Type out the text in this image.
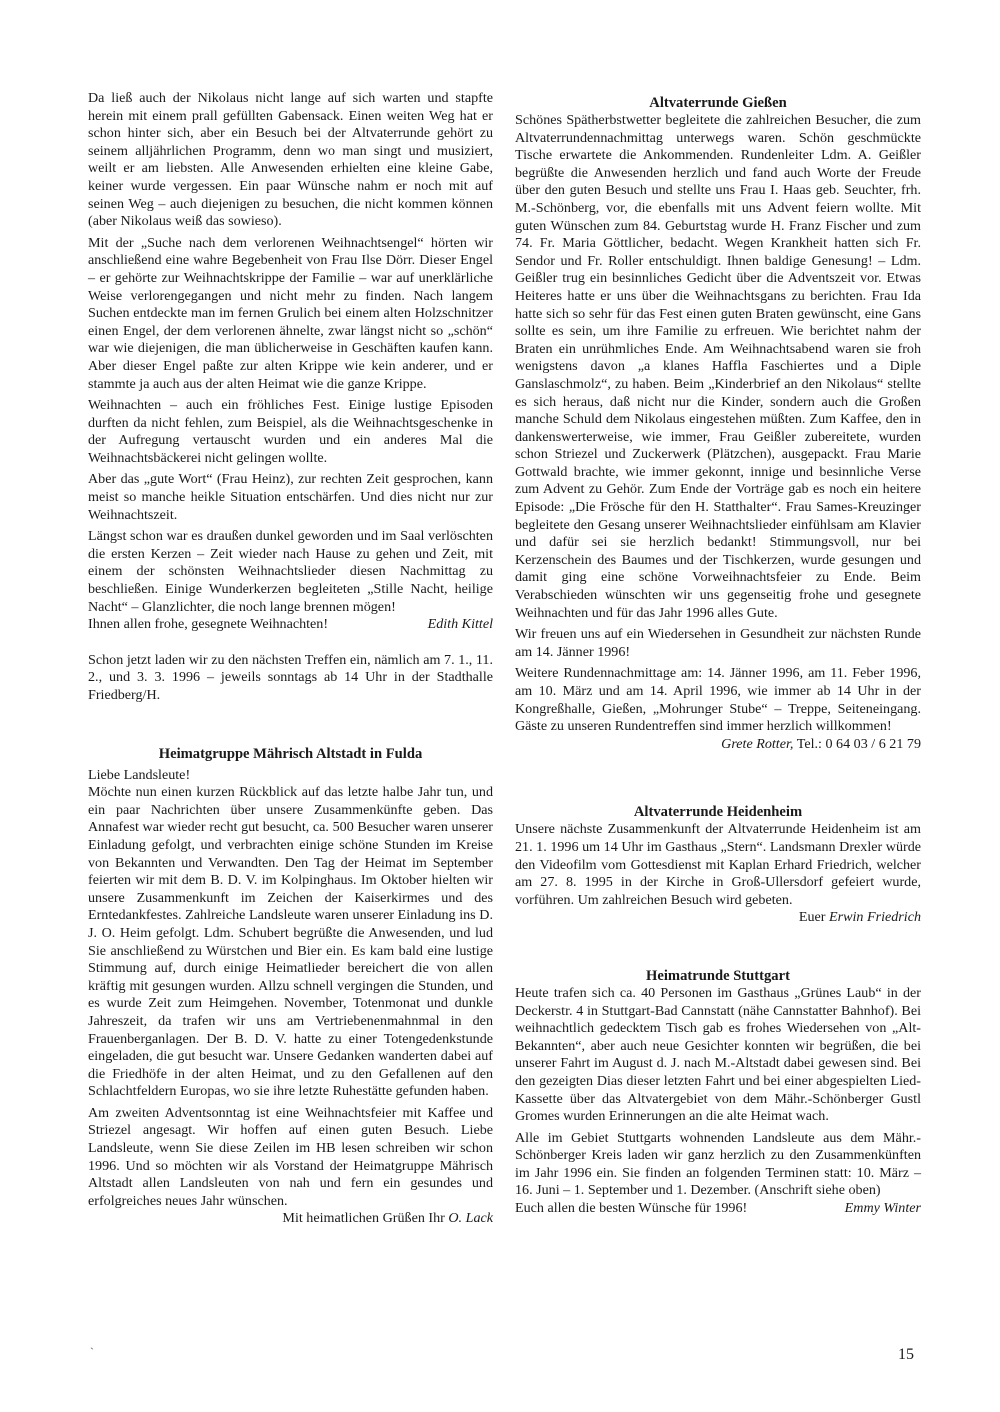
Da ließ auch der Nikolaus nicht lange auf sich warten und stapfte herein mit einem prall gefüllten Gabensack. Einen weiten Weg hat er schon hinter sich, aber ein Besuch bei der Altvaterrunde gehört zu seinem alljährlichen Programm, denn wo man singt und musiziert, weilt er am liebsten. Alle Anwesenden erhielten eine kleine Gabe, keiner wurde vergessen. Ein paar Wünsche nahm er noch mit auf seinen Weg – auch diejenigen zu besuchen, die nicht kommen können (aber Nikolaus weiß das sowieso).

Mit der „Suche nach dem verlorenen Weihnachtsengel“ hörten wir anschließend eine wahre Begebenheit von Frau Ilse Dörr. Dieser Engel – er gehörte zur Weihnachtskrippe der Familie – war auf unerklärliche Weise verlorengegangen und nicht mehr zu finden. Nach langem Suchen entdeckte man im fernen Grulich bei einem alten Holzschnitzer einen Engel, der dem verlorenen ähnelte, zwar längst nicht so „schön“ war wie diejenigen, die man üblicherweise in Geschäften kaufen kann. Aber dieser Engel paßte zur alten Krippe wie kein anderer, und er stammte ja auch aus der alten Heimat wie die ganze Krippe.

Weihnachten – auch ein fröhliches Fest. Einige lustige Episoden durften da nicht fehlen, zum Beispiel, als die Weihnachtsgeschenke in der Aufregung vertauscht wurden und ein anderes Mal die Weihnachtsbäckerei nicht gelingen wollte.

Aber das „gute Wort“ (Frau Heinz), zur rechten Zeit gesprochen, kann meist so manche heikle Situation entschärfen. Und dies nicht nur zur Weihnachtszeit.

Längst schon war es draußen dunkel geworden und im Saal verlöschten die ersten Kerzen – Zeit wieder nach Hause zu gehen und Zeit, mit einem der schönsten Weihnachtslieder diesen Nachmittag zu beschließen. Einige Wunderkerzen begleiteten „Stille Nacht, heilige Nacht“ – Glanzlichter, die noch lange brennen mögen!

Ihnen allen frohe, gesegnete Weihnachten!	Edith Kittel

Schon jetzt laden wir zu den nächsten Treffen ein, nämlich am 7. 1., 11. 2., und 3. 3. 1996 – jeweils sonntags ab 14 Uhr in der Stadthalle Friedberg/H.

Heimatgruppe Mährisch Altstadt in Fulda

Liebe Landsleute!

Möchte nun einen kurzen Rückblick auf das letzte halbe Jahr tun, und ein paar Nachrichten über unsere Zusammenkünfte geben. Das Annafest war wieder recht gut besucht, ca. 500 Besucher waren unserer Einladung gefolgt, und verbrachten einige schöne Stunden im Kreise von Bekannten und Verwandten. Den Tag der Heimat im September feierten wir mit dem B. D. V. im Kolpinghaus. Im Oktober hielten wir unsere Zusammenkunft im Zeichen der Kaiserkirmes und des Erntedankfestes. Zahlreiche Landsleute waren unserer Einladung ins D. J. O. Heim gefolgt. Ldm. Schubert begrüßte die Anwesenden, und lud Sie anschließend zu Würstchen und Bier ein. Es kam bald eine lustige Stimmung auf, durch einige Heimatlieder bereichert die von allen kräftig mit gesungen wurden. Allzu schnell vergingen die Stunden, und es wurde Zeit zum Heimgehen. November, Totenmonat und dunkle Jahreszeit, da trafen wir uns am Vertriebenenmahnmal in den Frauenberganlagen. Der B. D. V. hatte zu einer Totengedenkstunde eingeladen, die gut besucht war. Unsere Gedanken wanderten dabei auf die Friedhöfe in der alten Heimat, und zu den Gefallenen auf den Schlachtfeldern Europas, wo sie ihre letzte Ruhestätte gefunden haben.

Am zweiten Adventsonntag ist eine Weihnachtsfeier mit Kaffee und Striezel angesagt. Wir hoffen auf einen guten Besuch. Liebe Landsleute, wenn Sie diese Zeilen im HB lesen schreiben wir schon 1996. Und so möchten wir als Vorstand der Heimatgruppe Mährisch Altstadt allen Landsleuten von nah und fern ein gesundes und erfolgreiches neues Jahr wünschen.

Mit heimatlichen Grüßen Ihr O. Lack

Altvaterrunde Gießen

Schönes Spätherbstwetter begleitete die zahlreichen Besucher, die zum Altvaterrundennachmittag unterwegs waren. Schön geschmückte Tische erwartete die Ankommenden. Rundenleiter Ldm. A. Geißler begrüßte die Anwesenden herzlich und fand auch Worte der Freude über den guten Besuch und stellte uns Frau I. Haas geb. Seuchter, frh. M.-Schönberg, vor, die ebenfalls mit uns Advent feiern wollte. Mit guten Wünschen zum 84. Geburtstag wurde H. Franz Fischer und zum 74. Fr. Maria Göttlicher, bedacht. Wegen Krankheit hatten sich Fr. Sendor und Fr. Roller entschuldigt. Ihnen baldige Genesung! – Ldm. Geißler trug ein besinnliches Gedicht über die Adventszeit vor. Etwas Heiteres hatte er uns über die Weihnachtsgans zu berichten. Frau Ida hatte sich so sehr für das Fest einen guten Braten gewünscht, eine Gans sollte es sein, um ihre Familie zu erfreuen. Wie berichtet nahm der Braten ein unrühmliches Ende. Am Weihnachtsabend waren sie froh wenigstens davon „a klanes Haffla Faschiertes und a Diple Ganslaschmolz“, zu haben. Beim „Kinderbrief an den Nikolaus“ stellte es sich heraus, daß nicht nur die Kinder, sondern auch die Großen manche Schuld dem Nikolaus eingestehen müßten. Zum Kaffee, den in dankenswerterweise, wie immer, Frau Geißler zubereitete, wurden schon Striezel und Zuckerwerk (Plätzchen), ausgepackt. Frau Marie Gottwald brachte, wie immer gekonnt, innige und besinnliche Verse zum Advent zu Gehör. Zum Ende der Vorträge gab es noch ein heitere Episode: „Die Frösche für den H. Statthalter“. Frau Sames-Kreuzinger begleitete den Gesang unserer Weihnachtslieder einfühlsam am Klavier und dafür sei sie herzlich bedankt! Stimmungsvoll, nur bei Kerzenschein des Baumes und der Tischkerzen, wurde gesungen und damit ging eine schöne Vorweihnachtsfeier zu Ende. Beim Verabschieden wünschten wir uns gegenseitig frohe und gesegnete Weihnachten und für das Jahr 1996 alles Gute.

Wir freuen uns auf ein Wiedersehen in Gesundheit zur nächsten Runde am 14. Jänner 1996!

Weitere Rundennachmittage am: 14. Jänner 1996, am 11. Feber 1996, am 10. März und am 14. April 1996, wie immer ab 14 Uhr in der Kongreßhalle, Gießen, „Mohrunger Stube“ – Treppe, Seiteneingang. Gäste zu unseren Rundentreffen sind immer herzlich willkommen!

Grete Rotter, Tel.: 0 64 03 / 6 21 79
Altvaterrunde Heidenheim

Unsere nächste Zusammenkunft der Altvaterrunde Heidenheim ist am 21. 1. 1996 um 14 Uhr im Gasthaus „Stern“. Landsmann Drexler würde den Videofilm vom Gottesdienst mit Kaplan Erhard Friedrich, welcher am 27. 8. 1995 in der Kirche in Groß-Ullersdorf gefeiert wurde, vorführen. Um zahlreichen Besuch wird gebeten.

Euer Erwin Friedrich

Heimatrunde Stuttgart

Heute trafen sich ca. 40 Personen im Gasthaus „Grünes Laub“ in der Deckerstr. 4 in Stuttgart-Bad Cannstatt (nähe Cannstatter Bahnhof). Bei weihnachtlich gedecktem Tisch gab es frohes Wiedersehen von „Alt-Bekannten“, aber auch neue Gesichter konnten wir begrüßen, die bei unserer Fahrt im August d. J. nach M.-Altstadt dabei gewesen sind. Bei den gezeigten Dias dieser letzten Fahrt und bei einer abgespielten Lied-Kassette über das Altvatergebiet von dem Mähr.-Schönberger Gustl Gromes wurden Erinnerungen an die alte Heimat wach.

Alle im Gebiet Stuttgarts wohnenden Landsleute aus dem Mähr.-Schönberger Kreis laden wir ganz herzlich zu den Zusammenkünften im Jahr 1996 ein. Sie finden an folgenden Terminen statt: 10. März – 16. Juni – 1. September und 1. Dezember. (Anschrift siehe oben)

Euch allen die besten Wünsche für 1996!	Emmy Winter
ˋ	15
